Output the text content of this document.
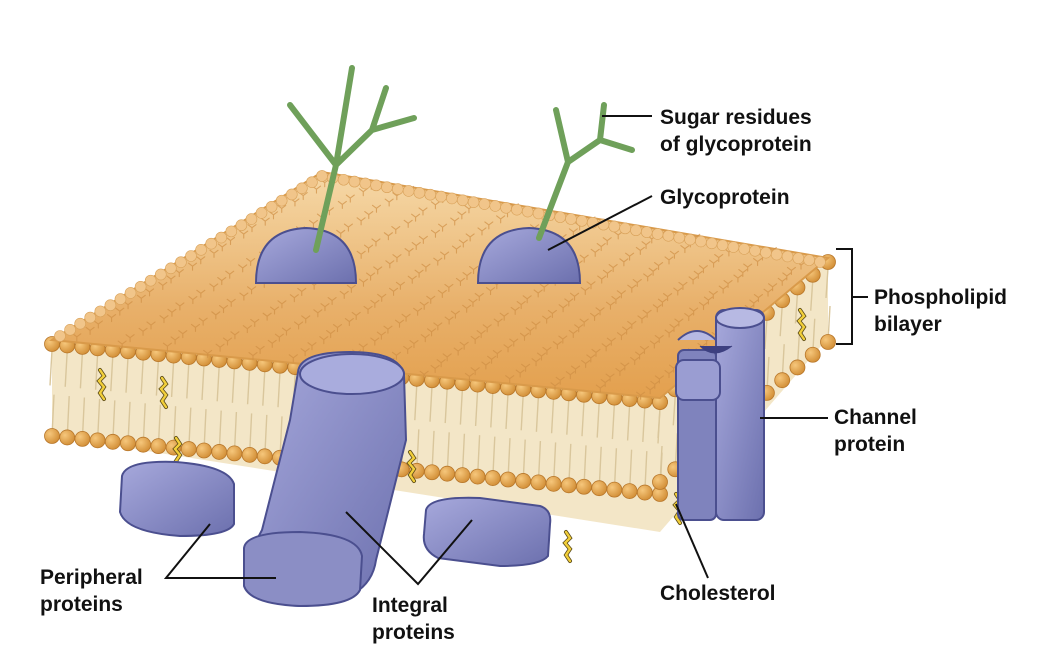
Sugar residues
of glycoprotein
Glycoprotein
Phospholipid
bilayer
Channel
protein
Cholesterol
Integral
proteins
Peripheral
proteins
